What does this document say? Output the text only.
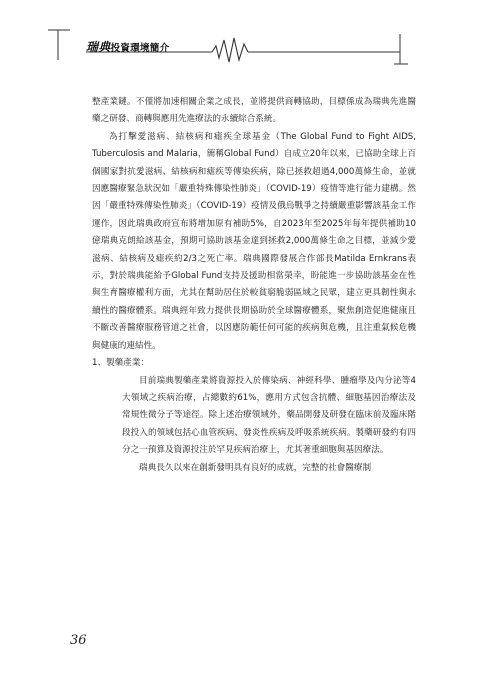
瑞典投資環境簡介

整產業鏈。不僅將加速相關企業之成長，並將提供商轉協助，目標係成為瑞典先進醫藥之研發、商轉與應用先進療法的永續綜合系統。

為打擊愛滋病、結核病和瘧疾全球基金（The Global Fund to Fight AIDS, Tuberculosis and Malaria，簡稱Global Fund）自成立20年以來，已協助全球上百個國家對抗愛滋病、結核病和瘧疾等傳染疾病，除已拯救超過4,000萬條生命，並就因應醫療緊急狀況如「嚴重特殊傳染性肺炎」（COVID-19）疫情等進行能力建構。然因「嚴重特殊傳染性肺炎」（COVID-19）疫情及俄烏戰爭之持續嚴重影響該基金工作運作，因此瑞典政府宣布將增加原有補助5%，自2023年至2025年每年提供補助10億瑞典克朗給該基金，預期可協助該基金達到拯救2,000萬條生命之目標，並減少愛滋病、結核病及瘧疾約2/3之死亡率。瑞典國際發展合作部長Matilda Ernkrans表示，對於瑞典能給予Global Fund支持及援助相當榮幸，盼能進一步協助該基金在性與生育醫療權利方面，尤其在幫助居住於較貧窮脆弱區域之民眾，建立更具韌性與永續性的醫療體系。瑞典經年致力提供長期協助於全球醫療體系，聚焦創造促進健康且不斷改善醫療服務管道之社會，以因應防範任何可能的疾病與危機，且注重氣候危機與健康的連結性。

1、製藥產業：

目前瑞典製藥產業將資源投入於傳染病、神經科學、腫瘤學及內分泌等4大領域之疾病治療，占總數約61%，應用方式包含抗體、細胞基因治療法及常規性微分子等途徑。除上述治療領域外，藥品開發及研發在臨床前及臨床階段投入的領域包括心血管疾病、發炎性疾病及呼吸系統疾病。製藥研發約有四分之一預算及資源投注於罕見疾病治療上，尤其著重細胞與基因療法。

瑞典長久以來在創新發明具有良好的成就，完整的社會醫療制

36
